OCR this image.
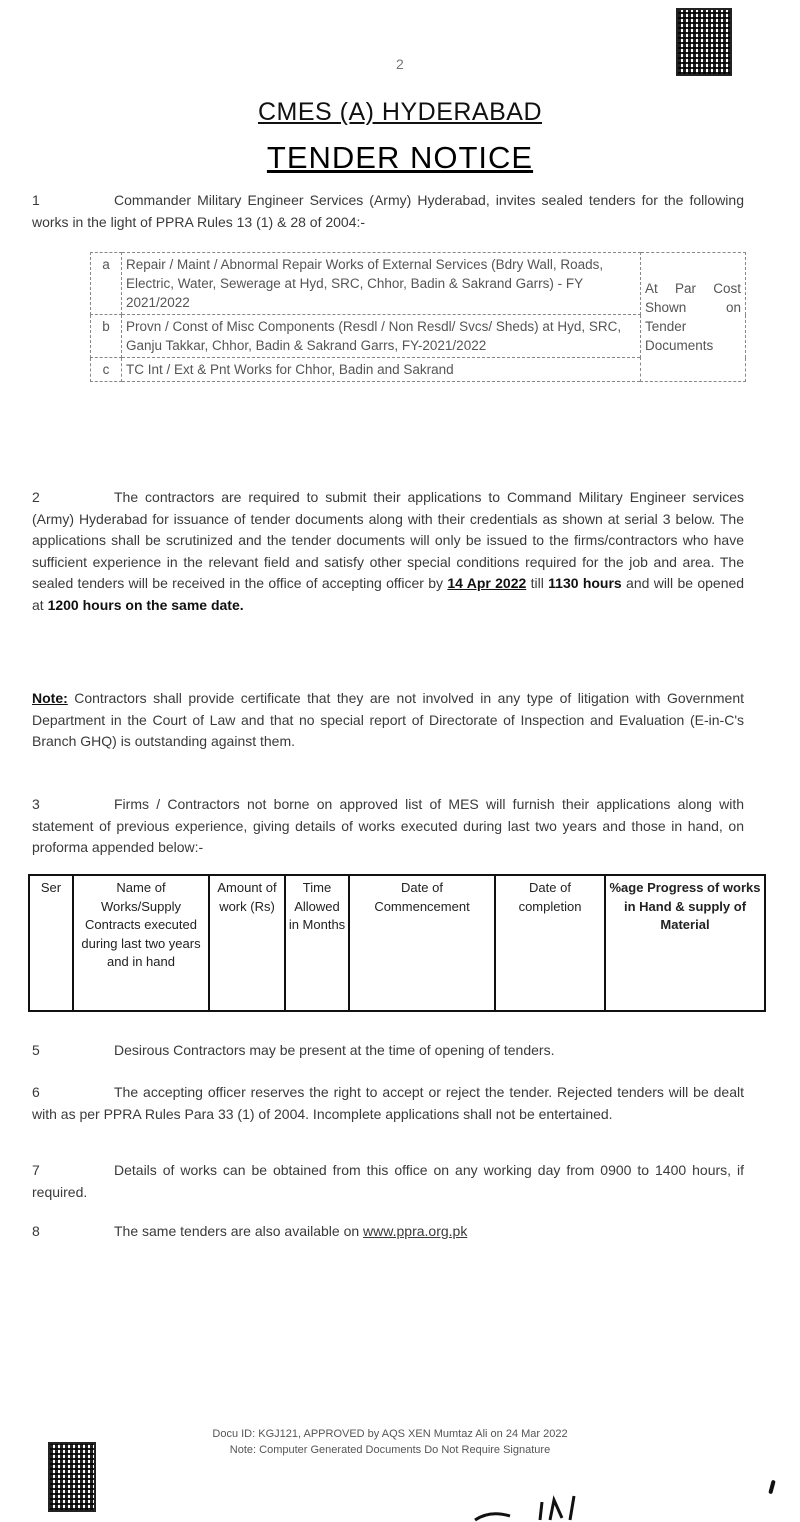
2
CMES (A) HYDERABAD
TENDER NOTICE
1	Commander Military Engineer Services (Army) Hyderabad, invites sealed tenders for the following works in the light of PPRA Rules 13 (1) & 28 of 2004:-
a	Repair / Maint / Abnormal Repair Works of External Services (Bdry Wall, Roads, Electric, Water, Sewerage at Hyd, SRC, Chhor, Badin & Sakrand Garrs) - FY 2021/2022	At Par Cost Shown on Tender Documents
b	Provn / Const of Misc Components (Resdl / Non Resdl/ Svcs/ Sheds) at Hyd, SRC, Ganju Takkar, Chhor, Badin & Sakrand Garrs, FY-2021/2022	
c	TC Int / Ext & Pnt Works for Chhor, Badin and Sakrand	
2	The contractors are required to submit their applications to Command Military Engineer services (Army) Hyderabad for issuance of tender documents along with their credentials as shown at serial 3 below. The applications shall be scrutinized and the tender documents will only be issued to the firms/contractors who have sufficient experience in the relevant field and satisfy other special conditions required for the job and area. The sealed tenders will be received in the office of accepting officer by 14 Apr 2022 till 1130 hours and will be opened at 1200 hours on the same date.
Note: Contractors shall provide certificate that they are not involved in any type of litigation with Government Department in the Court of Law and that no special report of Directorate of Inspection and Evaluation (E-in-C's Branch GHQ) is outstanding against them.
3	Firms / Contractors not borne on approved list of MES will furnish their applications along with statement of previous experience, giving details of works executed during last two years and those in hand, on proforma appended below:-
Ser	Name of Works/Supply Contracts executed during last two years and in hand	Amount of work (Rs)	Time Allowed in Months	Date of Commencement	Date of completion	%age Progress of works in Hand & supply of Material
5	Desirous Contractors may be present at the time of opening of tenders.
6	The accepting officer reserves the right to accept or reject the tender. Rejected tenders will be dealt with as per PPRA Rules Para 33 (1) of 2004. Incomplete applications shall not be entertained.
7	Details of works can be obtained from this office on any working day from 0900 to 1400 hours, if required.
8	The same tenders are also available on www.ppra.org.pk
Docu ID: KGJ121, APPROVED by AQS XEN Mumtaz Ali on 24 Mar 2022
Note: Computer Generated Documents Do Not Require Signature
